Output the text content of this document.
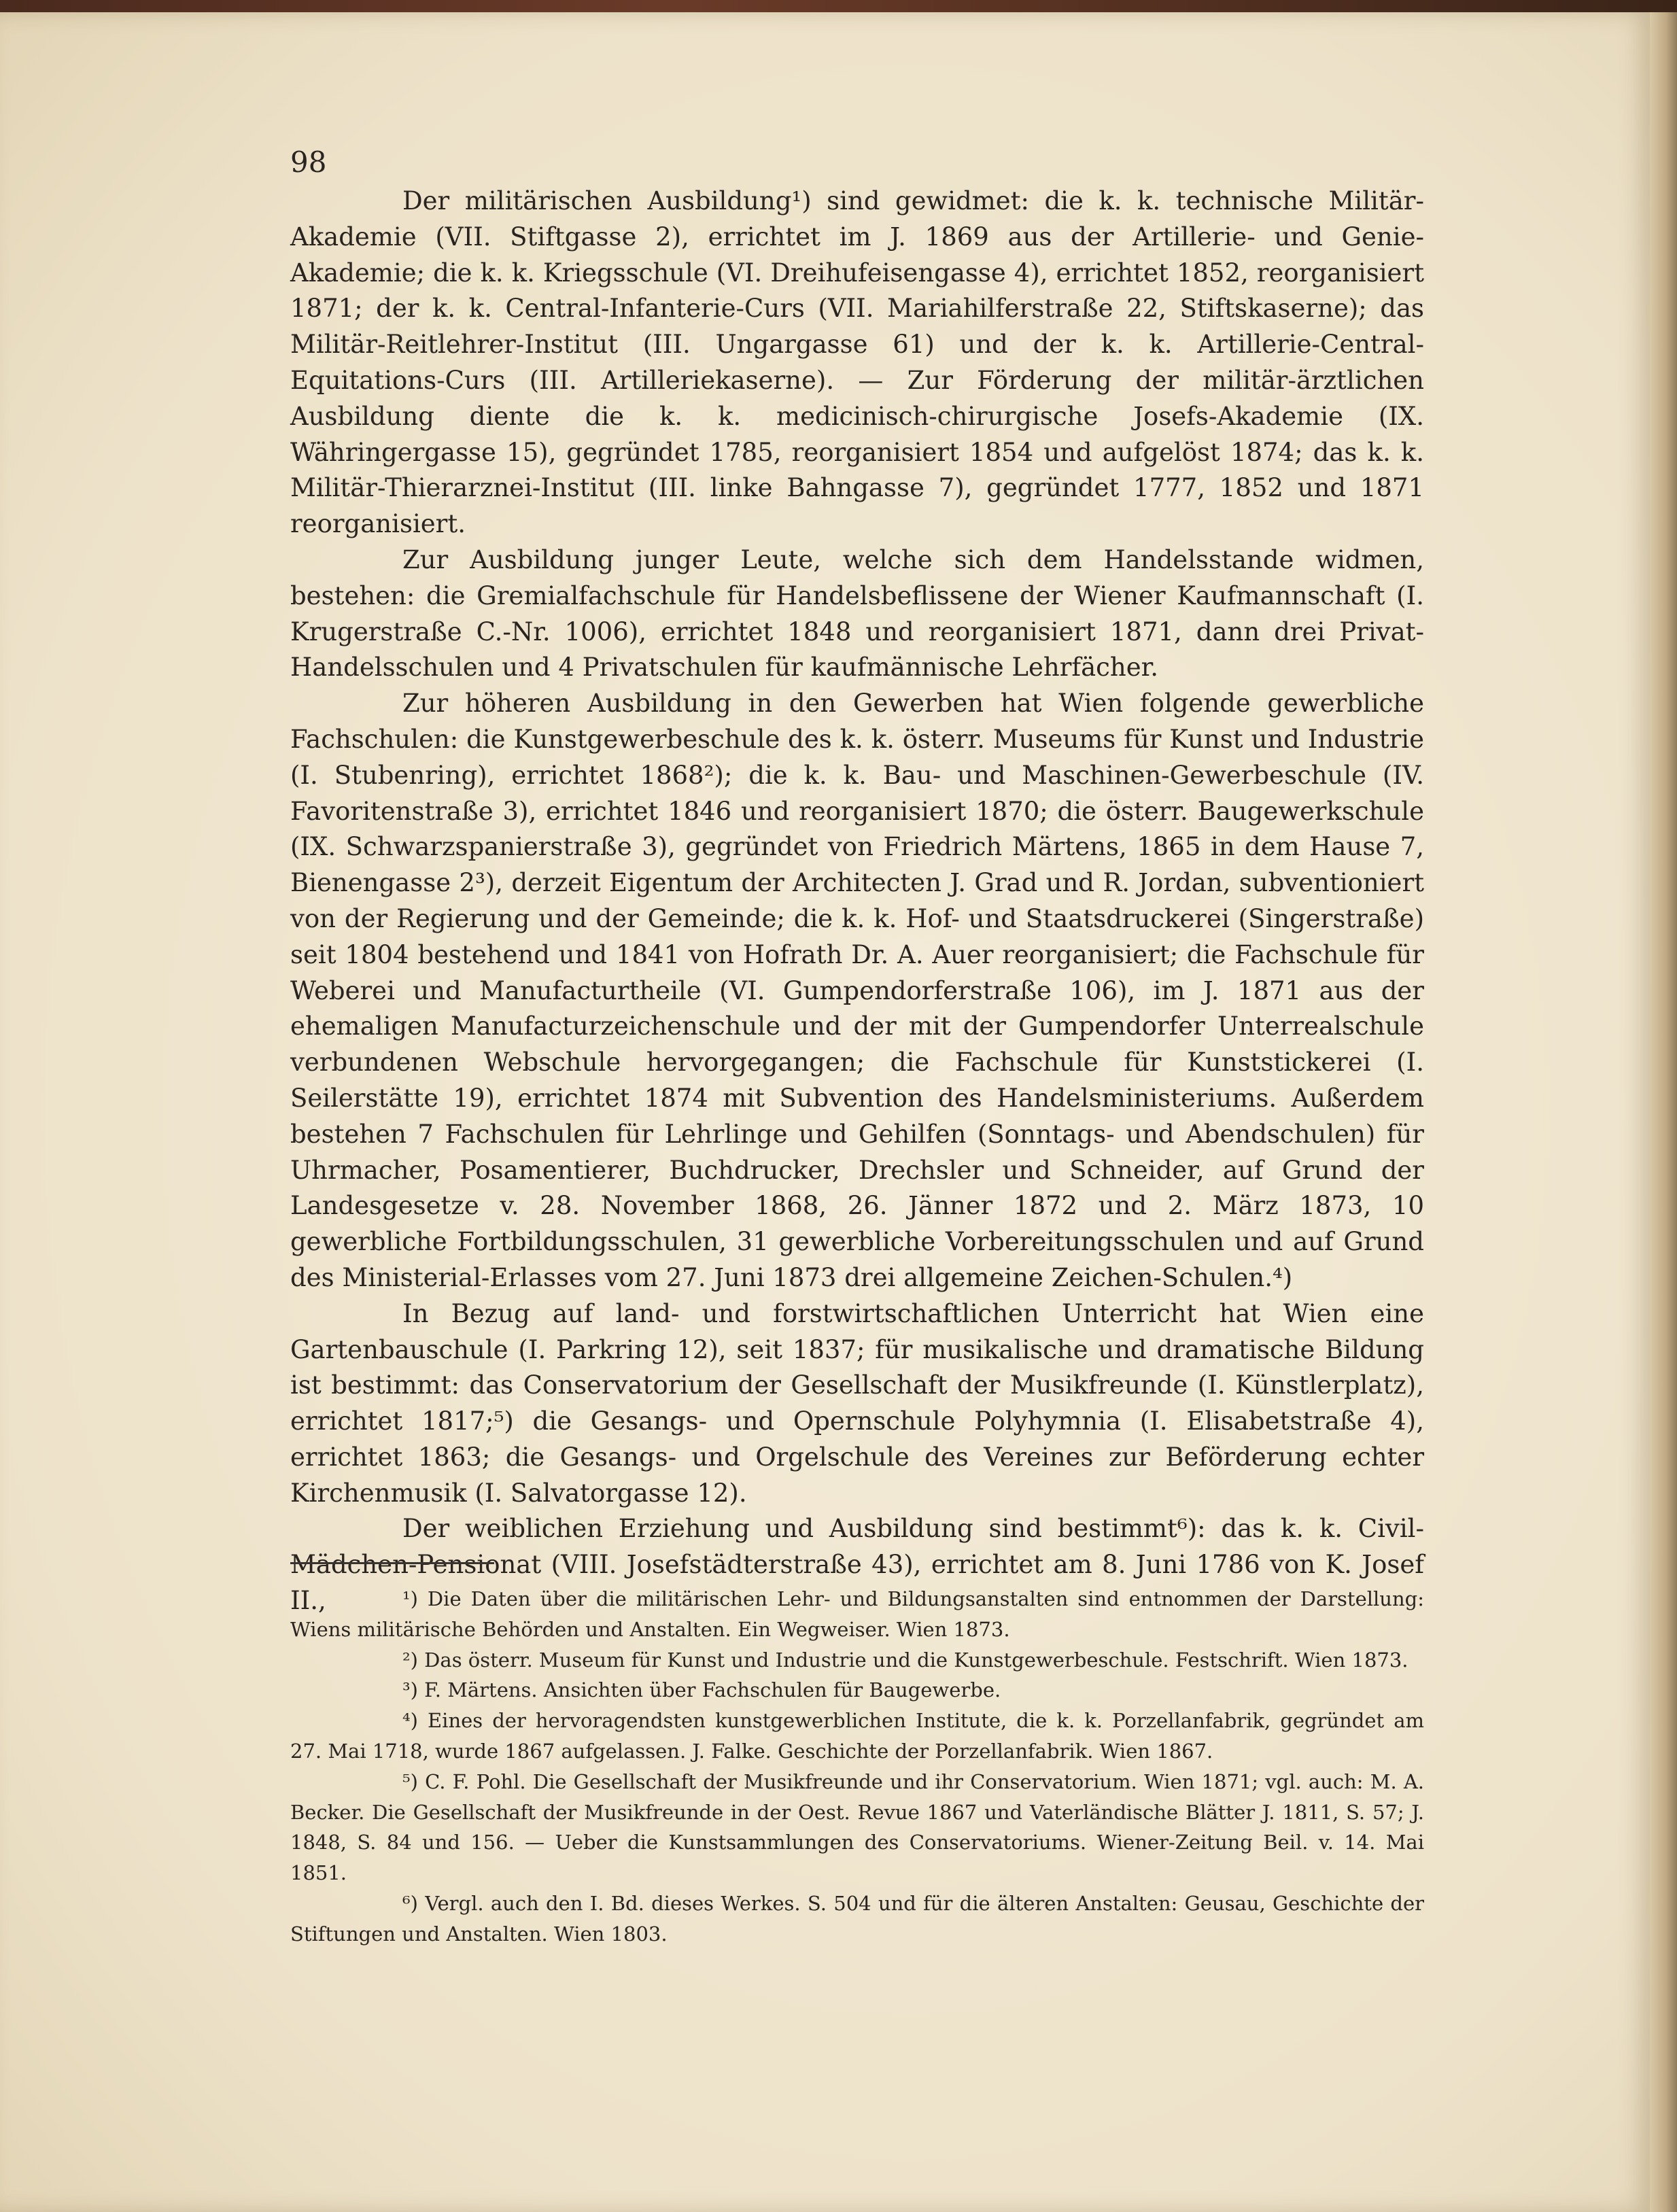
98

Der militärischen Ausbildung¹) sind gewidmet: die k. k. technische Militär-Akademie (VII. Stiftgasse 2), errichtet im J. 1869 aus der Artillerie- und Genie-Akademie; die k. k. Kriegsschule (VI. Dreihufeisengasse 4), errichtet 1852, reorganisiert 1871; der k. k. Central-Infanterie-Curs (VII. Mariahilferstraße 22, Stiftskaserne); das Militär-Reitlehrer-Institut (III. Ungargasse 61) und der k. k. Artillerie-Central-Equitations-Curs (III. Artilleriekaserne). — Zur Förderung der militär-ärztlichen Ausbildung diente die k. k. medicinisch-chirurgische Josefs-Akademie (IX. Währingergasse 15), gegründet 1785, reorganisiert 1854 und aufgelöst 1874; das k. k. Militär-Thierarznei-Institut (III. linke Bahngasse 7), gegründet 1777, 1852 und 1871 reorganisiert.

Zur Ausbildung junger Leute, welche sich dem Handelsstande widmen, bestehen: die Gremialfachschule für Handelsbeflissene der Wiener Kaufmannschaft (I. Krugerstraße C.-Nr. 1006), errichtet 1848 und reorganisiert 1871, dann drei Privat-Handelsschulen und 4 Privatschulen für kaufmännische Lehrfächer.

Zur höheren Ausbildung in den Gewerben hat Wien folgende gewerbliche Fachschulen: die Kunstgewerbeschule des k. k. österr. Museums für Kunst und Industrie (I. Stubenring), errichtet 1868²); die k. k. Bau- und Maschinen-Gewerbeschule (IV. Favoritenstraße 3), errichtet 1846 und reorganisiert 1870; die österr. Baugewerkschule (IX. Schwarzspanierstraße 3), gegründet von Friedrich Märtens, 1865 in dem Hause 7, Bienengasse 2³), derzeit Eigentum der Architecten J. Grad und R. Jordan, subventioniert von der Regierung und der Gemeinde; die k. k. Hof- und Staatsdruckerei (Singerstraße) seit 1804 bestehend und 1841 von Hofrath Dr. A. Auer reorganisiert; die Fachschule für Weberei und Manufacturtheile (VI. Gumpendorferstraße 106), im J. 1871 aus der ehemaligen Manufacturzeichenschule und der mit der Gumpendorfer Unterrealschule verbundenen Webschule hervorgegangen; die Fachschule für Kunststickerei (I. Seilerstätte 19), errichtet 1874 mit Subvention des Handelsministeriums. Außerdem bestehen 7 Fachschulen für Lehrlinge und Gehilfen (Sonntags- und Abendschulen) für Uhrmacher, Posamentierer, Buchdrucker, Drechsler und Schneider, auf Grund der Landesgesetze v. 28. November 1868, 26. Jänner 1872 und 2. März 1873, 10 gewerbliche Fortbildungsschulen, 31 gewerbliche Vorbereitungsschulen und auf Grund des Ministerial-Erlasses vom 27. Juni 1873 drei allgemeine Zeichen-Schulen.⁴)

In Bezug auf land- und forstwirtschaftlichen Unterricht hat Wien eine Gartenbauschule (I. Parkring 12), seit 1837; für musikalische und dramatische Bildung ist bestimmt: das Conservatorium der Gesellschaft der Musikfreunde (I. Künstlerplatz), errichtet 1817;⁵) die Gesangs- und Opernschule Polyhymnia (I. Elisabetstraße 4), errichtet 1863; die Gesangs- und Orgelschule des Vereines zur Beförderung echter Kirchenmusik (I. Salvatorgasse 12).

Der weiblichen Erziehung und Ausbildung sind bestimmt⁶): das k. k. Civil-Mädchen-Pensionat (VIII. Josefstädterstraße 43), errichtet am 8. Juni 1786 von K. Josef II.,	¹) Die Daten über die militärischen Lehr- und Bildungsanstalten sind entnommen der Darstellung: Wiens militärische Behörden und Anstalten. Ein Wegweiser. Wien 1873.

²) Das österr. Museum für Kunst und Industrie und die Kunstgewerbeschule. Festschrift. Wien 1873.

³) F. Märtens. Ansichten über Fachschulen für Baugewerbe.

⁴) Eines der hervoragendsten kunstgewerblichen Institute, die k. k. Porzellanfabrik, gegründet am 27. Mai 1718, wurde 1867 aufgelassen. J. Falke. Geschichte der Porzellanfabrik. Wien 1867.

⁵) C. F. Pohl. Die Gesellschaft der Musikfreunde und ihr Conservatorium. Wien 1871; vgl. auch: M. A. Becker. Die Gesellschaft der Musikfreunde in der Oest. Revue 1867 und Vaterländische Blätter J. 1811, S. 57; J. 1848, S. 84 und 156. — Ueber die Kunstsammlungen des Conservatoriums. Wiener-Zeitung Beil. v. 14. Mai 1851.

⁶) Vergl. auch den I. Bd. dieses Werkes. S. 504 und für die älteren Anstalten: Geusau, Geschichte der Stiftungen und Anstalten. Wien 1803.
